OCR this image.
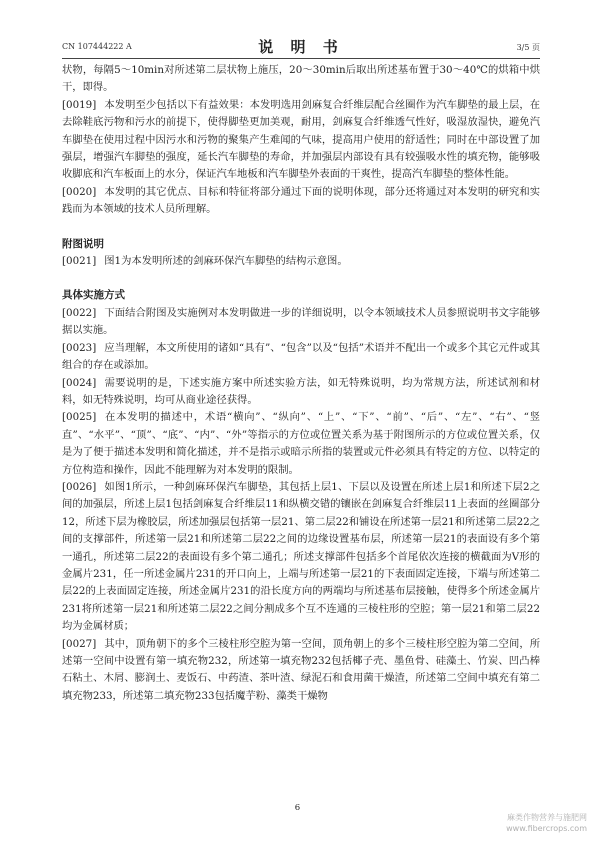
CN 107444222 A	说 明 书	3/5 页

状物，每隔5～10min对所述第二层状物上施压，20～30min后取出所述基布置于30～40℃的烘箱中烘干，即得。

[0019] 本发明至少包括以下有益效果：本发明选用剑麻复合纤维层配合丝圈作为汽车脚垫的最上层，在去除鞋底污物和污水的前提下，使得脚垫更加美观，耐用，剑麻复合纤维透气性好，吸湿放湿快，避免汽车脚垫在使用过程中因污水和污物的聚集产生难闻的气味，提高用户使用的舒适性；同时在中部设置了加强层，增强汽车脚垫的强度，延长汽车脚垫的寿命，并加强层内部设有具有较强吸水性的填充物，能够吸收脚底和汽车板面上的水分，保证汽车地板和汽车脚垫外表面的干爽性，提高汽车脚垫的整体性能。

[0020] 本发明的其它优点、目标和特征将部分通过下面的说明体现，部分还将通过对本发明的研究和实践而为本领域的技术人员所理解。

附图说明

[0021] 图1为本发明所述的剑麻环保汽车脚垫的结构示意图。

具体实施方式

[0022] 下面结合附图及实施例对本发明做进一步的详细说明，以令本领域技术人员参照说明书文字能够据以实施。

[0023] 应当理解，本文所使用的诸如“具有”、“包含”以及“包括”术语并不配出一个或多个其它元件或其组合的存在或添加。

[0024] 需要说明的是，下述实施方案中所述实验方法，如无特殊说明，均为常规方法，所述试剂和材料，如无特殊说明，均可从商业途径获得。

[0025] 在本发明的描述中，术语“横向”、“纵向”、“上”、“下”、“前”、“后”、“左”、“右”、“竖直”、“水平”、“顶”、“底”、“内”、“外”等指示的方位或位置关系为基于附图所示的方位或位置关系，仅是为了便于描述本发明和简化描述，并不是指示或暗示所指的装置或元件必须具有特定的方位、以特定的方位构造和操作，因此不能理解为对本发明的限制。

[0026] 如图1所示，一种剑麻环保汽车脚垫，其包括上层1、下层以及设置在所述上层1和所述下层2之间的加强层，所述上层1包括剑麻复合纤维层11和纵横交错的镶嵌在剑麻复合纤维层11上表面的丝圈部分12，所述下层为橡胶层，所述加强层包括第一层21、第二层22和铺设在所述第一层21和所述第二层22之间的支撑部件，所述第一层21和所述第二层22之间的边缘设置基布层，所述第一层21的表面设有多个第一通孔，所述第二层22的表面设有多个第二通孔；所述支撑部件包括多个首尾依次连接的横截面为V形的金属片231，任一所述金属片231的开口向上，上端与所述第一层21的下表面固定连接，下端与所述第二层22的上表面固定连接，所述金属片231的沿长度方向的两端均与所述基布层接触，使得多个所述金属片231将所述第一层21和所述第二层22之间分割成多个互不连通的三棱柱形的空腔；第一层21和第二层22均为金属材质；

[0027] 其中，顶角朝下的多个三棱柱形空腔为第一空间，顶角朝上的多个三棱柱形空腔为第二空间，所述第一空间中设置有第一填充物232，所述第一填充物232包括椰子壳、墨鱼骨、硅藻土、竹炭、凹凸棒石粘土、木屑、膨润土、麦饭石、中药渣、茶叶渣、绿泥石和食用菌干燥渣，所述第二空间中填充有第二填充物233，所述第二填充物233包括魔芋粉、藻类干燥物

6
麻类作物营养与施肥网
www.fibercrops.com
